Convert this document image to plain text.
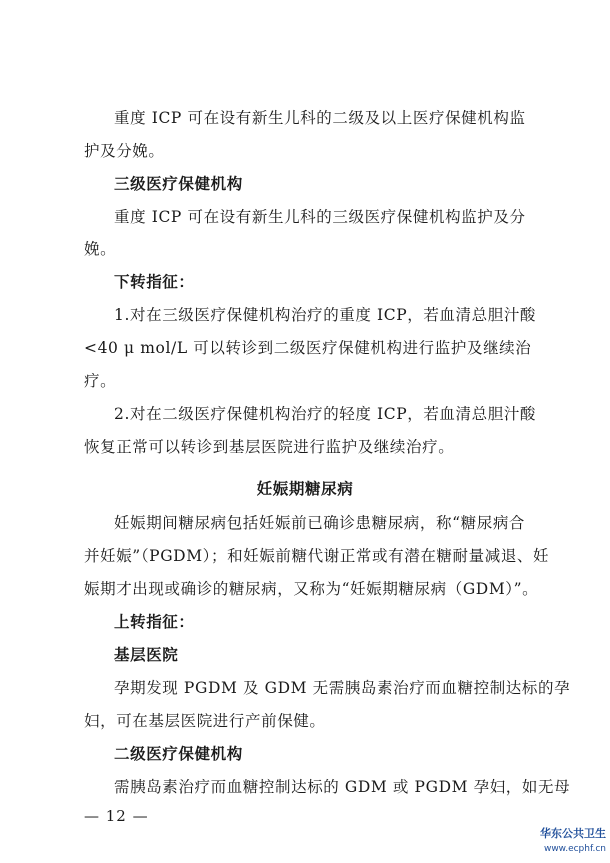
重度 ICP 可在设有新生儿科的二级及以上医疗保健机构监
护及分娩。
三级医疗保健机构
重度 ICP 可在设有新生儿科的三级医疗保健机构监护及分
娩。
下转指征：
1.对在三级医疗保健机构治疗的重度 ICP，若血清总胆汁酸
<40 μ mol/L 可以转诊到二级医疗保健机构进行监护及继续治
疗。
2.对在二级医疗保健机构治疗的轻度 ICP，若血清总胆汁酸
恢复正常可以转诊到基层医院进行监护及继续治疗。
妊娠期糖尿病
妊娠期间糖尿病包括妊娠前已确诊患糖尿病，称“糖尿病合
并妊娠”（PGDM）；和妊娠前糖代谢正常或有潜在糖耐量减退、妊
娠期才出现或确诊的糖尿病，又称为“妊娠期糖尿病（GDM）”。
上转指征：
基层医院
孕期发现 PGDM 及 GDM 无需胰岛素治疗而血糖控制达标的孕
妇，可在基层医院进行产前保健。
二级医疗保健机构
需胰岛素治疗而血糖控制达标的 GDM 或 PGDM 孕妇，如无母
— 12 —
华东公共卫生
www.ecphf.cn
